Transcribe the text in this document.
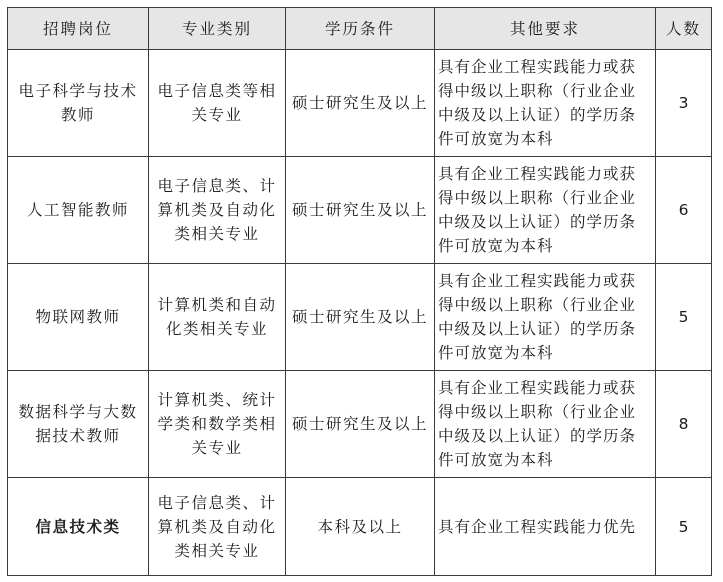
招聘岗位	专业类别	学历条件	其他要求	人数
电子科学与技术教师	电子信息类等相关专业	硕士研究生及以上	具有企业工程实践能力或获得中级以上职称（行业企业中级及以上认证）的学历条件可放宽为本科	3
人工智能教师	电子信息类、计算机类及自动化类相关专业	硕士研究生及以上	具有企业工程实践能力或获得中级以上职称（行业企业中级及以上认证）的学历条件可放宽为本科	6
物联网教师	计算机类和自动化类相关专业	硕士研究生及以上	具有企业工程实践能力或获得中级以上职称（行业企业中级及以上认证）的学历条件可放宽为本科	5
数据科学与大数据技术教师	计算机类、统计学类和数学类相关专业	硕士研究生及以上	具有企业工程实践能力或获得中级以上职称（行业企业中级及以上认证）的学历条件可放宽为本科	8
信息技术类	电子信息类、计算机类及自动化类相关专业	本科及以上	具有企业工程实践能力优先	5
